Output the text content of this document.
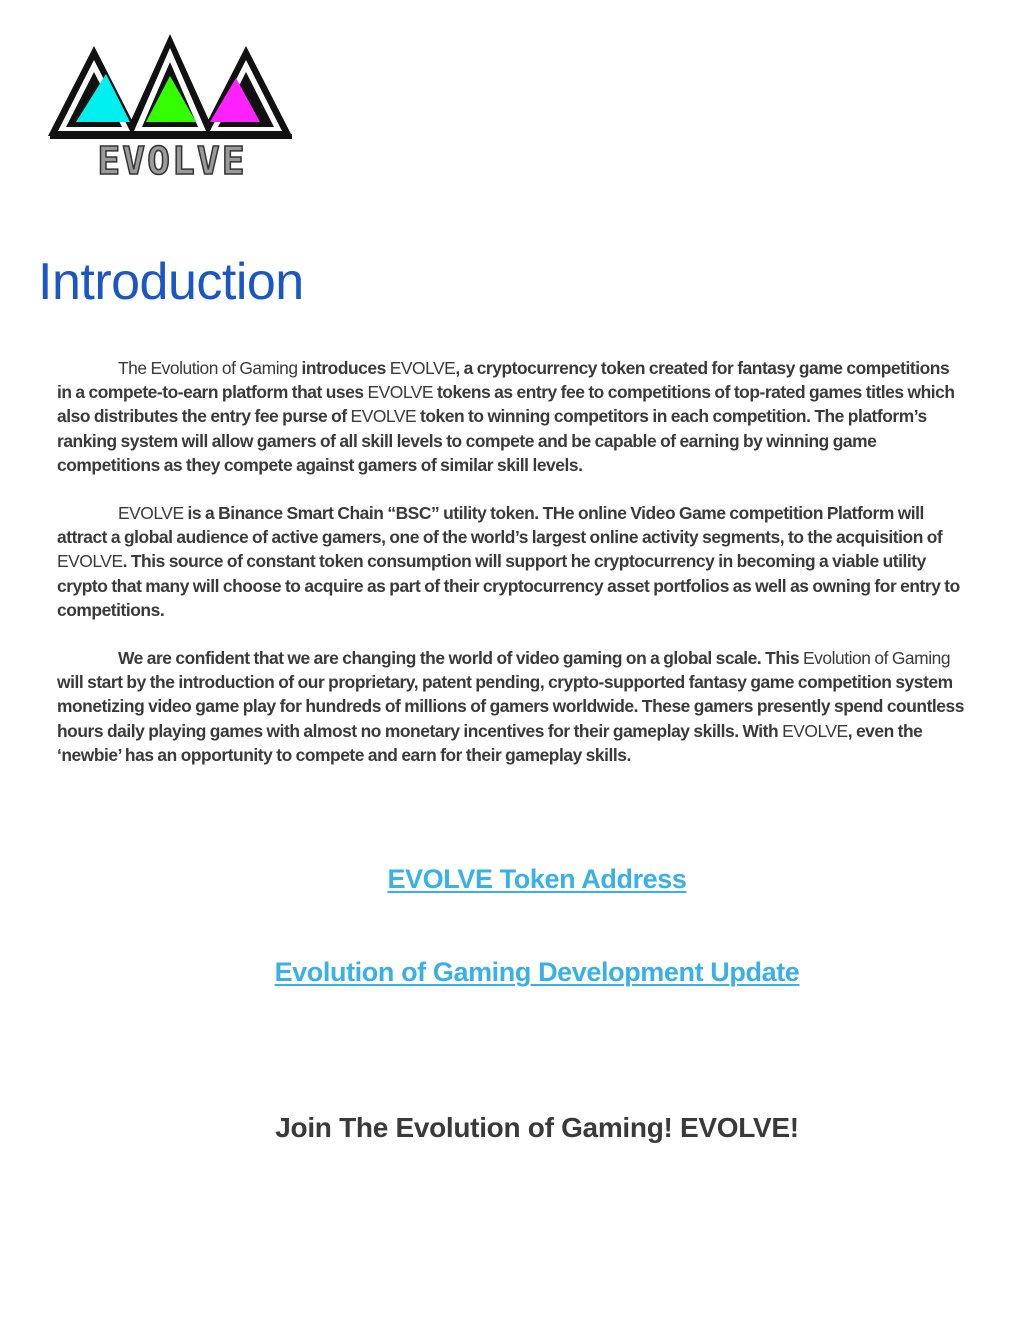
EVOLVE
Introduction

The Evolution of Gaming introduces EVOLVE, a cryptocurrency token created for fantasy game competitions in a compete-to-earn platform that uses EVOLVE tokens as entry fee to competitions of top-rated games titles which also distributes the entry fee purse of EVOLVE token to winning competitors in each competition. The platform’s ranking system will allow gamers of all skill levels to compete and be capable of earning by winning game competitions as they compete against gamers of similar skill levels.

EVOLVE is a Binance Smart Chain “BSC” utility token. THe online Video Game competition Platform will attract a global audience of active gamers, one of the world’s largest online activity segments, to the acquisition of EVOLVE. This source of constant token consumption will support he cryptocurrency in becoming a viable utility crypto that many will choose to acquire as part of their cryptocurrency asset portfolios as well as owning for entry to competitions.

We are confident that we are changing the world of video gaming on a global scale. This Evolution of Gaming will start by the introduction of our proprietary, patent pending, crypto-supported fantasy game competition system monetizing video game play for hundreds of millions of gamers worldwide. These gamers presently spend countless hours daily playing games with almost no monetary incentives for their gameplay skills. With EVOLVE, even the ‘newbie’ has an opportunity to compete and earn for their gameplay skills.

EVOLVE Token Address
Evolution of Gaming Development Update

Join The Evolution of Gaming! EVOLVE!
